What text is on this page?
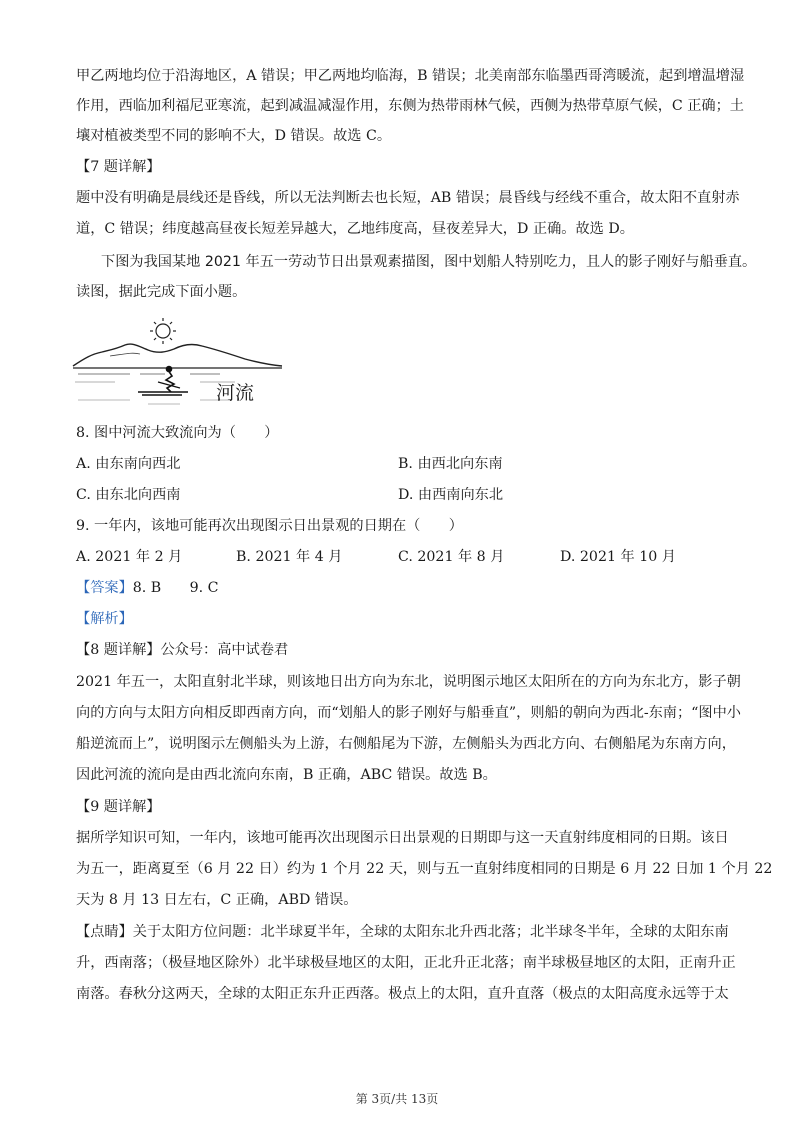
甲乙两地均位于沿海地区，A 错误；甲乙两地均临海，B 错误；北美南部东临墨西哥湾暖流，起到增温增湿
作用，西临加利福尼亚寒流，起到减温减湿作用，东侧为热带雨林气候，西侧为热带草原气候，C 正确；土
壤对植被类型不同的影响不大，D 错误。故选 C。
【7 题详解】
题中没有明确是晨线还是昏线，所以无法判断去也长短，AB 错误；晨昏线与经线不重合，故太阳不直射赤
道，C 错误；纬度越高昼夜长短差异越大，乙地纬度高，昼夜差异大，D 正确。故选 D。
下图为我国某地 2021 年五一劳动节日出景观素描图，图中划船人特别吃力，且人的影子刚好与船垂直。
读图，据此完成下面小题。
河流
8. 图中河流大致流向为（　　）
A. 由东南向西北	B. 由西北向东南
C. 由东北向西南	D. 由西南向东北
9. 一年内，该地可能再次出现图示日出景观的日期在（　　）
A. 2021 年 2 月	B. 2021 年 4 月	C. 2021 年 8 月	D. 2021 年 10 月
【答案】8. B　　9. C
【解析】
【8 题详解】公众号：高中试卷君
2021 年五一，太阳直射北半球，则该地日出方向为东北，说明图示地区太阳所在的方向为东北方，影子朝
向的方向与太阳方向相反即西南方向，而“划船人的影子刚好与船垂直”，则船的朝向为西北-东南；“图中小
船逆流而上”，说明图示左侧船头为上游，右侧船尾为下游，左侧船头为西北方向、右侧船尾为东南方向，
因此河流的流向是由西北流向东南，B 正确，ABC 错误。故选 B。
【9 题详解】
据所学知识可知，一年内，该地可能再次出现图示日出景观的日期即与这一天直射纬度相同的日期。该日
为五一，距离夏至（6 月 22 日）约为 1 个月 22 天，则与五一直射纬度相同的日期是 6 月 22 日加 1 个月 22
天为 8 月 13 日左右，C 正确，ABD 错误。
【点睛】关于太阳方位问题：北半球夏半年，全球的太阳东北升西北落；北半球冬半年，全球的太阳东南
升，西南落；（极昼地区除外）北半球极昼地区的太阳，正北升正北落；南半球极昼地区的太阳，正南升正
南落。春秋分这两天，全球的太阳正东升正西落。极点上的太阳，直升直落（极点的太阳高度永远等于太
第 3页/共 13页
